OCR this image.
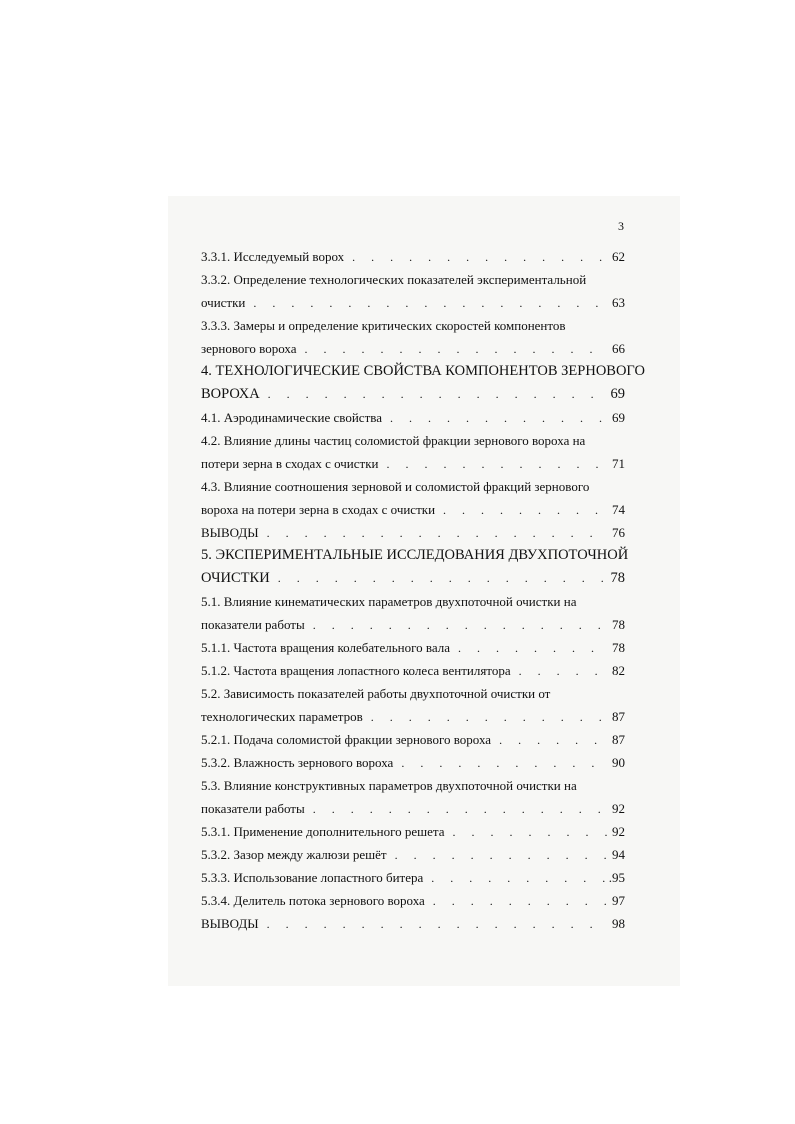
3
3.3.1. Исследуемый ворох . . .	62
3.3.2. Определение технологических показателей экспериментальной
очистки . . .	63
3.3.3. Замеры и определение критических скоростей компонентов
зернового вороха . . .	66
4. ТЕХНОЛОГИЧЕСКИЕ СВОЙСТВА КОМПОНЕНТОВ ЗЕРНОВОГО
ВОРОХА . . .	69
4.1. Аэродинамические свойства . . .	69
4.2. Влияние длины частиц соломистой фракции зернового вороха на
потери зерна в сходах с очистки . . .	71
4.3. Влияние соотношения зерновой и соломистой фракций зернового
вороха на потери зерна в сходах с очистки . . .	74
ВЫВОДЫ . . .	76
5. ЭКСПЕРИМЕНТАЛЬНЫЕ ИССЛЕДОВАНИЯ ДВУХПОТОЧНОЙ
ОЧИСТКИ . . .	78
5.1. Влияние кинематических параметров двухпоточной очистки на
показатели работы . . .	78
5.1.1. Частота вращения колебательного вала . . .	78
5.1.2. Частота вращения лопастного колеса вентилятора . . .	82
5.2. Зависимость показателей работы двухпоточной очистки от
технологических параметров . . .	87
5.2.1. Подача соломистой фракции зернового вороха . . .	87
5.3.2. Влажность зернового вороха . . .	90
5.3. Влияние конструктивных параметров двухпоточной очистки на
показатели работы . . .	92
5.3.1. Применение дополнительного решета . . .	92
5.3.2. Зазор между жалюзи решёт . . .	94
5.3.3. Использование лопастного битера . . .	.95
5.3.4. Делитель потока зернового вороха . . .	97
ВЫВОДЫ . . .	98
